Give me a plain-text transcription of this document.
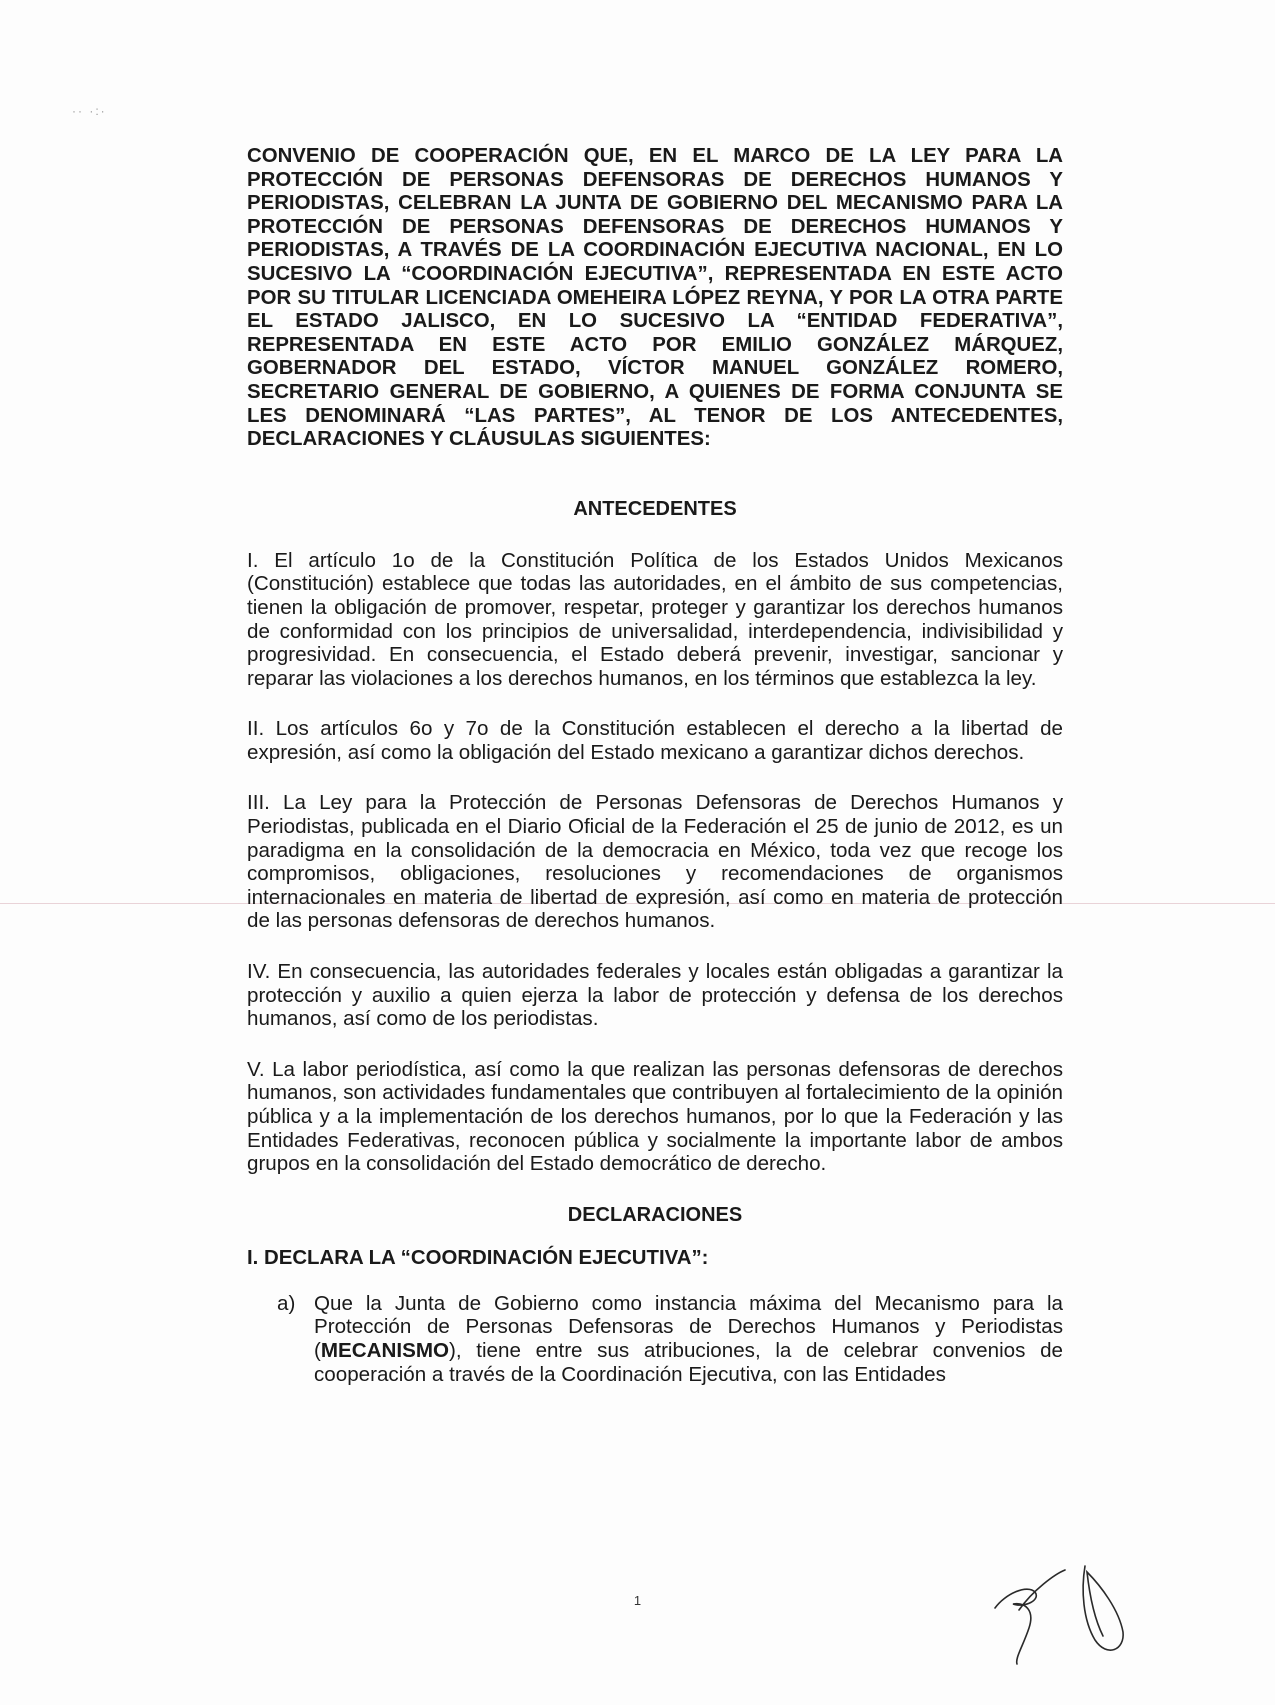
·· ·:·

CONVENIO DE COOPERACIÓN QUE, EN EL MARCO DE LA LEY PARA LA PROTECCIÓN DE PERSONAS DEFENSORAS DE DERECHOS HUMANOS Y PERIODISTAS, CELEBRAN LA JUNTA DE GOBIERNO DEL MECANISMO PARA LA PROTECCIÓN DE PERSONAS DEFENSORAS DE DERECHOS HUMANOS Y PERIODISTAS, A TRAVÉS DE LA COORDINACIÓN EJECUTIVA NACIONAL, EN LO SUCESIVO LA “COORDINACIÓN EJECUTIVA”, REPRESENTADA EN ESTE ACTO POR SU TITULAR LICENCIADA OMEHEIRA LÓPEZ REYNA, Y POR LA OTRA PARTE EL ESTADO JALISCO, EN LO SUCESIVO LA “ENTIDAD FEDERATIVA”, REPRESENTADA EN ESTE ACTO POR EMILIO GONZÁLEZ MÁRQUEZ, GOBERNADOR DEL ESTADO, VÍCTOR MANUEL GONZÁLEZ ROMERO, SECRETARIO GENERAL DE GOBIERNO, A QUIENES DE FORMA CONJUNTA SE LES DENOMINARÁ “LAS PARTES”, AL TENOR DE LOS ANTECEDENTES, DECLARACIONES Y CLÁUSULAS SIGUIENTES:

ANTECEDENTES

I. El artículo 1o de la Constitución Política de los Estados Unidos Mexicanos (Constitución) establece que todas las autoridades, en el ámbito de sus competencias, tienen la obligación de promover, respetar, proteger y garantizar los derechos humanos de conformidad con los principios de universalidad, interdependencia, indivisibilidad y progresividad. En consecuencia, el Estado deberá prevenir, investigar, sancionar y reparar las violaciones a los derechos humanos, en los términos que establezca la ley.

II. Los artículos 6o y 7o de la Constitución establecen el derecho a la libertad de expresión, así como la obligación del Estado mexicano a garantizar dichos derechos.

III. La Ley para la Protección de Personas Defensoras de Derechos Humanos y Periodistas, publicada en el Diario Oficial de la Federación el 25 de junio de 2012, es un paradigma en la consolidación de la democracia en México, toda vez que recoge los compromisos, obligaciones, resoluciones y recomendaciones de organismos internacionales en materia de libertad de expresión, así como en materia de protección de las personas defensoras de derechos humanos.

IV. En consecuencia, las autoridades federales y locales están obligadas a garantizar la protección y auxilio a quien ejerza la labor de protección y defensa de los derechos humanos, así como de los periodistas.

V. La labor periodística, así como la que realizan las personas defensoras de derechos humanos, son actividades fundamentales que contribuyen al fortalecimiento de la opinión pública y a la implementación de los derechos humanos, por lo que la Federación y las Entidades Federativas, reconocen pública y socialmente la importante labor de ambos grupos en la consolidación del Estado democrático de derecho.

DECLARACIONES

I. DECLARA LA “COORDINACIÓN EJECUTIVA”:

a) Que la Junta de Gobierno como instancia máxima del Mecanismo para la Protección de Personas Defensoras de Derechos Humanos y Periodistas (MECANISMO), tiene entre sus atribuciones, la de celebrar convenios de cooperación a través de la Coordinación Ejecutiva, con las Entidades
1
